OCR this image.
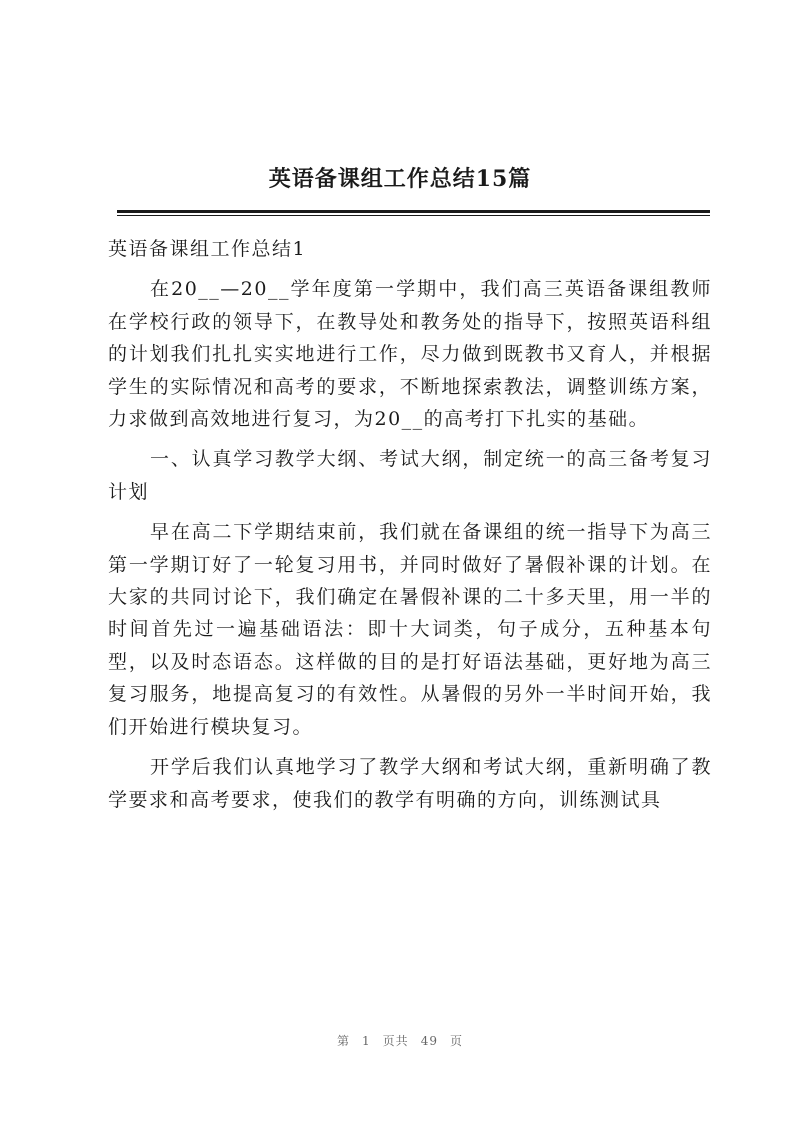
英语备课组工作总结15篇

英语备课组工作总结1

在20__—20__学年度第一学期中，我们高三英语备课组教师在学校行政的领导下，在教导处和教务处的指导下，按照英语科组的计划我们扎扎实实地进行工作，尽力做到既教书又育人，并根据学生的实际情况和高考的要求，不断地探索教法，调整训练方案，力求做到高效地进行复习，为20__的高考打下扎实的基础。

一、认真学习教学大纲、考试大纲，制定统一的高三备考复习计划

早在高二下学期结束前，我们就在备课组的统一指导下为高三第一学期订好了一轮复习用书，并同时做好了暑假补课的计划。在大家的共同讨论下，我们确定在暑假补课的二十多天里，用一半的时间首先过一遍基础语法：即十大词类，句子成分，五种基本句型，以及时态语态。这样做的目的是打好语法基础，更好地为高三复习服务，地提高复习的有效性。从暑假的另外一半时间开始，我们开始进行模块复习。

开学后我们认真地学习了教学大纲和考试大纲，重新明确了教学要求和高考要求，使我们的教学有明确的方向，训练测试具

第 1 页共 49 页
